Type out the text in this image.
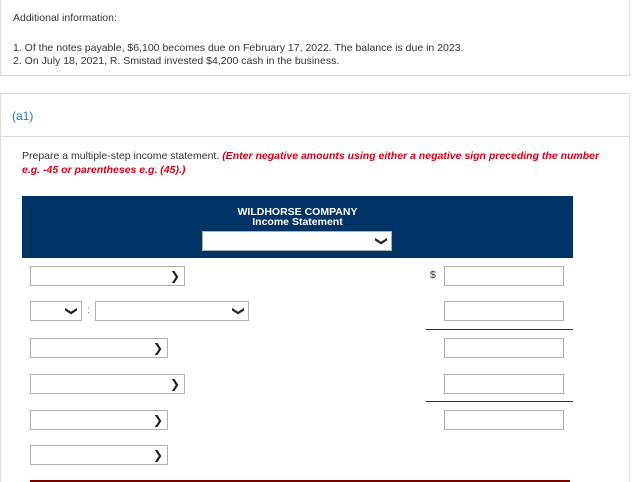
Additional information:
1. Of the notes payable, $6,100 becomes due on February 17, 2022. The balance is due in 2023.
2. On July 18, 2021, R. Smistad invested $4,200 cash in the business.
(a1)
Prepare a multiple-step income statement. (Enter negative amounts using either a negative sign preceding the number e.g. -45 or parentheses e.g. (45).)
WILDHORSE COMPANY
Income Statement
❯
❯	$
❯ :	❯
❯
❯
❯
❯
